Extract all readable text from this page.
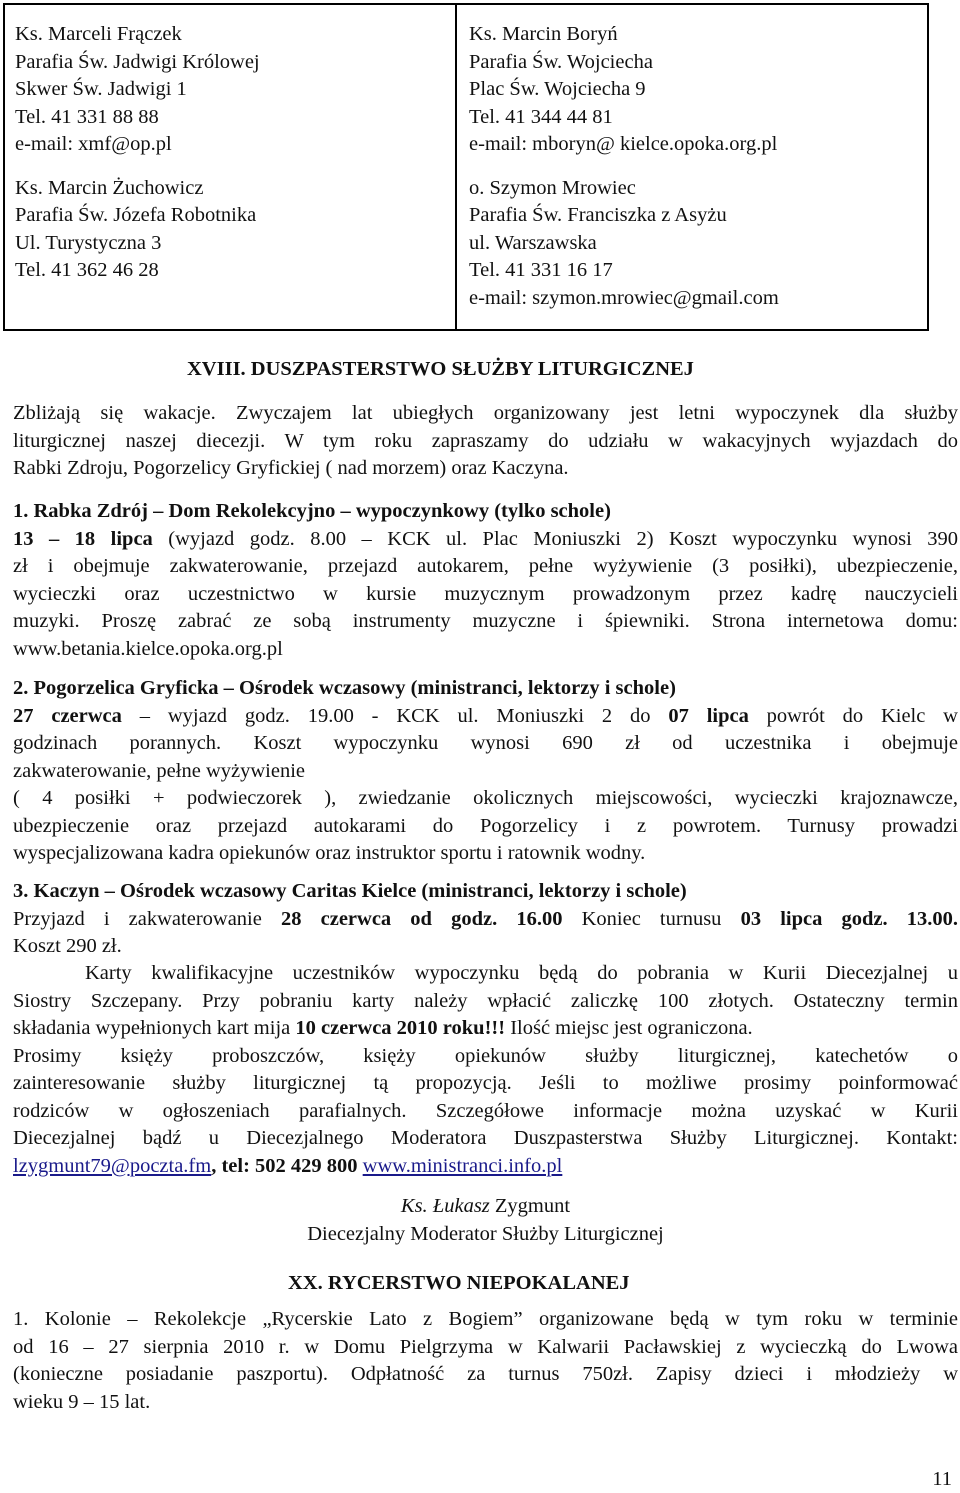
Ks. Marceli Frączek
Parafia Św. Jadwigi Królowej
Skwer Św. Jadwigi 1
Tel. 41 331 88 88
e-mail: xmf@op.pl
Ks. Marcin Żuchowicz
Parafia Św. Józefa Robotnika
Ul. Turystyczna 3
Tel. 41 362 46 28
Ks. Marcin Boryń
Parafia Św. Wojciecha
Plac Św. Wojciecha 9
Tel. 41 344 44 81
e-mail: mboryn@ kielce.opoka.org.pl
o. Szymon Mrowiec
Parafia Św. Franciszka z Asyżu
ul. Warszawska
Tel. 41 331 16 17
e-mail: szymon.mrowiec@gmail.com
XVIII. DUSZPASTERSTWO SŁUŻBY LITURGICZNEJ
Zbliżają się wakacje. Zwyczajem lat ubiegłych organizowany jest letni wypoczynek dla służby
liturgicznej naszej diecezji. W tym roku zapraszamy do udziału w wakacyjnych wyjazdach do
Rabki Zdroju, Pogorzelicy Gryfickiej ( nad morzem) oraz Kaczyna.
1. Rabka Zdrój – Dom Rekolekcyjno – wypoczynkowy (tylko schole)
13 – 18 lipca (wyjazd godz. 8.00 – KCK ul. Plac Moniuszki 2) Koszt wypoczynku wynosi 390
zł i obejmuje zakwaterowanie, przejazd autokarem, pełne wyżywienie (3 posiłki), ubezpieczenie,
wycieczki oraz uczestnictwo w kursie muzycznym prowadzonym przez kadrę nauczycieli
muzyki. Proszę zabrać ze sobą instrumenty muzyczne i śpiewniki. Strona internetowa domu:
www.betania.kielce.opoka.org.pl
2. Pogorzelica Gryficka – Ośrodek wczasowy (ministranci, lektorzy i schole)
27 czerwca – wyjazd godz. 19.00 - KCK ul. Moniuszki 2 do 07 lipca powrót do Kielc w
godzinach porannych. Koszt wypoczynku wynosi 690 zł od uczestnika i obejmuje
zakwaterowanie, pełne wyżywienie
( 4 posiłki + podwieczorek ), zwiedzanie okolicznych miejscowości, wycieczki krajoznawcze,
ubezpieczenie oraz przejazd autokarami do Pogorzelicy i z powrotem. Turnusy prowadzi
wyspecjalizowana kadra opiekunów oraz instruktor sportu i ratownik wodny.
3. Kaczyn – Ośrodek wczasowy Caritas Kielce (ministranci, lektorzy i schole)
Przyjazd i zakwaterowanie 28 czerwca od godz. 16.00 Koniec turnusu 03 lipca godz. 13.00.
Koszt 290 zł.
Karty kwalifikacyjne uczestników wypoczynku będą do pobrania w Kurii Diecezjalnej u
Siostry Szczepany. Przy pobraniu karty należy wpłacić zaliczkę 100 złotych. Ostateczny termin
składania wypełnionych kart mija 10 czerwca 2010 roku!!! Ilość miejsc jest ograniczona.
Prosimy księży proboszczów, księży opiekunów służby liturgicznej, katechetów o
zainteresowanie służby liturgicznej tą propozycją. Jeśli to możliwe prosimy poinformować
rodziców w ogłoszeniach parafialnych. Szczegółowe informacje można uzyskać w Kurii
Diecezjalnej bądź u Diecezjalnego Moderatora Duszpasterstwa Służby Liturgicznej. Kontakt:
lzygmunt79@poczta.fm, tel: 502 429 800 www.ministranci.info.pl
Ks. Łukasz Zygmunt
Diecezjalny Moderator Służby Liturgicznej
XX. RYCERSTWO NIEPOKALANEJ
1. Kolonie – Rekolekcje „Rycerskie Lato z Bogiem” organizowane będą w tym roku w terminie
od 16 – 27 sierpnia 2010 r. w Domu Pielgrzyma w Kalwarii Pacławskiej z wycieczką do Lwowa
(konieczne posiadanie paszportu). Odpłatność za turnus 750zł. Zapisy dzieci i młodzieży w
wieku 9 – 15 lat.
11
